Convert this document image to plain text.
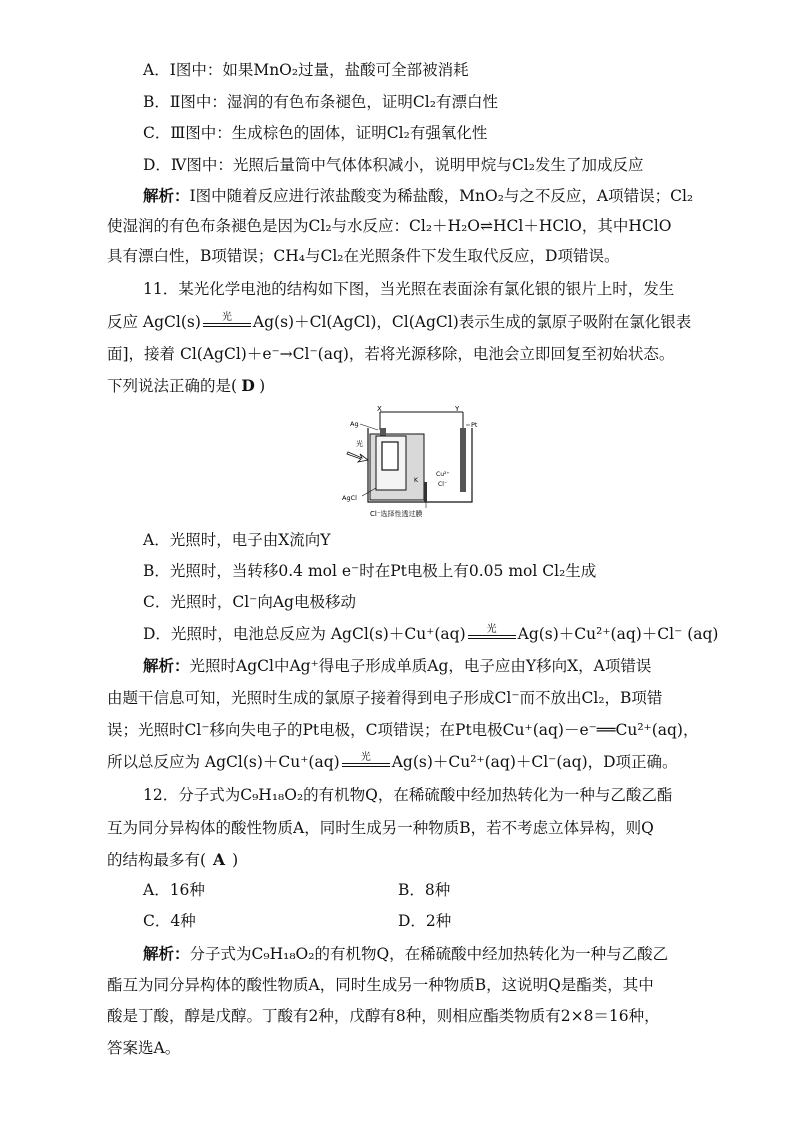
A．Ⅰ图中：如果MnO₂过量，盐酸可全部被消耗
B．Ⅱ图中：湿润的有色布条褪色，证明Cl₂有漂白性
C．Ⅲ图中：生成棕色的固体，证明Cl₂有强氧化性
D．Ⅳ图中：光照后量筒中气体体积减小，说明甲烷与Cl₂发生了加成反应
解析：Ⅰ图中随着反应进行浓盐酸变为稀盐酸，MnO₂与之不反应，A项错误；Cl₂
使湿润的有色布条褪色是因为Cl₂与水反应：Cl₂＋H₂O⇌HCl＋HClO，其中HClO
具有漂白性，B项错误；CH₄与Cl₂在光照条件下发生取代反应，D项错误。
11．某光化学电池的结构如下图，当光照在表面涂有氯化银的银片上时，发生
反应 AgCl(s)	光	Ag(s)＋Cl(AgCl)，Cl(AgCl)表示生成的氯原子吸附在氯化银表
面]，接着 Cl(AgCl)＋e⁻→Cl⁻(aq)，若将光源移除，电池会立即回复至初始状态。
下列说法正确的是( D )
X	Y
Ag	Pt
光
AgCl
K
Cu²⁺
Cl⁻
Cl⁻选择性透过膜
A．光照时，电子由X流向Y
B．光照时，当转移0.4 mol e⁻时在Pt电极上有0.05 mol Cl₂生成
C．光照时，Cl⁻向Ag电极移动
D．光照时，电池总反应为 AgCl(s)＋Cu⁺(aq)	光	Ag(s)＋Cu²⁺(aq)＋Cl⁻ (aq)
解析：光照时AgCl中Ag⁺得电子形成单质Ag，电子应由Y移向X，A项错误
由题干信息可知，光照时生成的氯原子接着得到电子形成Cl⁻而不放出Cl₂，B项错
误；光照时Cl⁻移向失电子的Pt电极，C项错误；在Pt电极Cu⁺(aq)－e⁻══Cu²⁺(aq)，
所以总反应为 AgCl(s)＋Cu⁺(aq)	光	Ag(s)＋Cu²⁺(aq)＋Cl⁻(aq)，D项正确。
12．分子式为C₉H₁₈O₂的有机物Q，在稀硫酸中经加热转化为一种与乙酸乙酯
互为同分异构体的酸性物质A，同时生成另一种物质B，若不考虑立体异构，则Q
的结构最多有( A )
A．16种	B．8种
C．4种	D．2种
解析：分子式为C₉H₁₈O₂的有机物Q，在稀硫酸中经加热转化为一种与乙酸乙
酯互为同分异构体的酸性物质A，同时生成另一种物质B，这说明Q是酯类，其中
酸是丁酸，醇是戊醇。丁酸有2种，戊醇有8种，则相应酯类物质有2×8＝16种，
答案选A。
